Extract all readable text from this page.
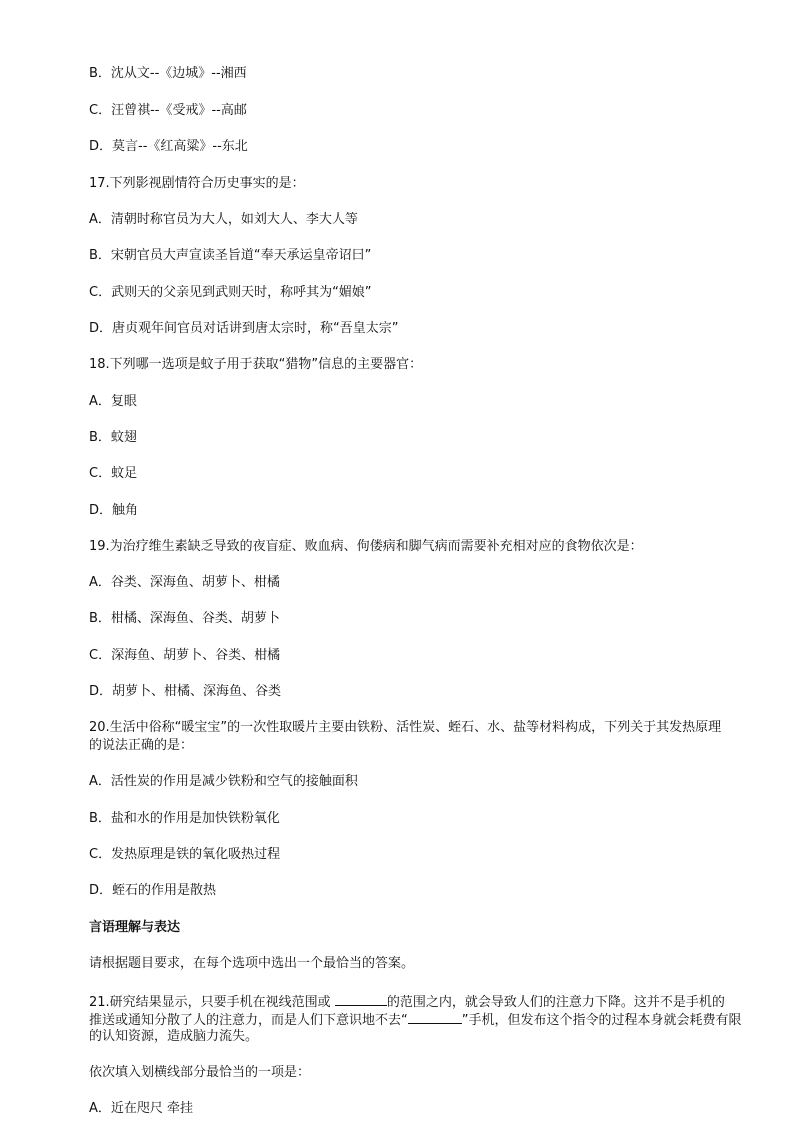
B．沈从文--《边城》--湘西
C．汪曾祺--《受戒》--高邮
D．莫言--《红高粱》--东北
17.下列影视剧情符合历史事实的是：
A．清朝时称官员为大人，如刘大人、李大人等
B．宋朝官员大声宣读圣旨道“奉天承运皇帝诏曰”
C．武则天的父亲见到武则天时，称呼其为“媚娘”
D．唐贞观年间官员对话讲到唐太宗时，称“吾皇太宗”
18.下列哪一选项是蚊子用于获取“猎物”信息的主要器官：
A．复眼
B．蚊翅
C．蚊足
D．触角
19.为治疗维生素缺乏导致的夜盲症、败血病、佝偻病和脚气病而需要补充相对应的食物依次是：
A．谷类、深海鱼、胡萝卜、柑橘
B．柑橘、深海鱼、谷类、胡萝卜
C．深海鱼、胡萝卜、谷类、柑橘
D．胡萝卜、柑橘、深海鱼、谷类
20.生活中俗称“暖宝宝”的一次性取暖片主要由铁粉、活性炭、蛭石、水、盐等材料构成，下列关于其发热原理
的说法正确的是：
A．活性炭的作用是减少铁粉和空气的接触面积
B．盐和水的作用是加快铁粉氧化
C．发热原理是铁的氧化吸热过程
D．蛭石的作用是散热
言语理解与表达
请根据题目要求，在每个选项中选出一个最恰当的答案。
21.研究结果显示，只要手机在视线范围或	的范围之内，就会导致人们的注意力下降。这并不是手机的
推送或通知分散了人的注意力，而是人们下意识地不去“	”手机，但发布这个指令的过程本身就会耗费有限
的认知资源，造成脑力流失。
依次填入划横线部分最恰当的一项是：
A．近在咫尺 牵挂
